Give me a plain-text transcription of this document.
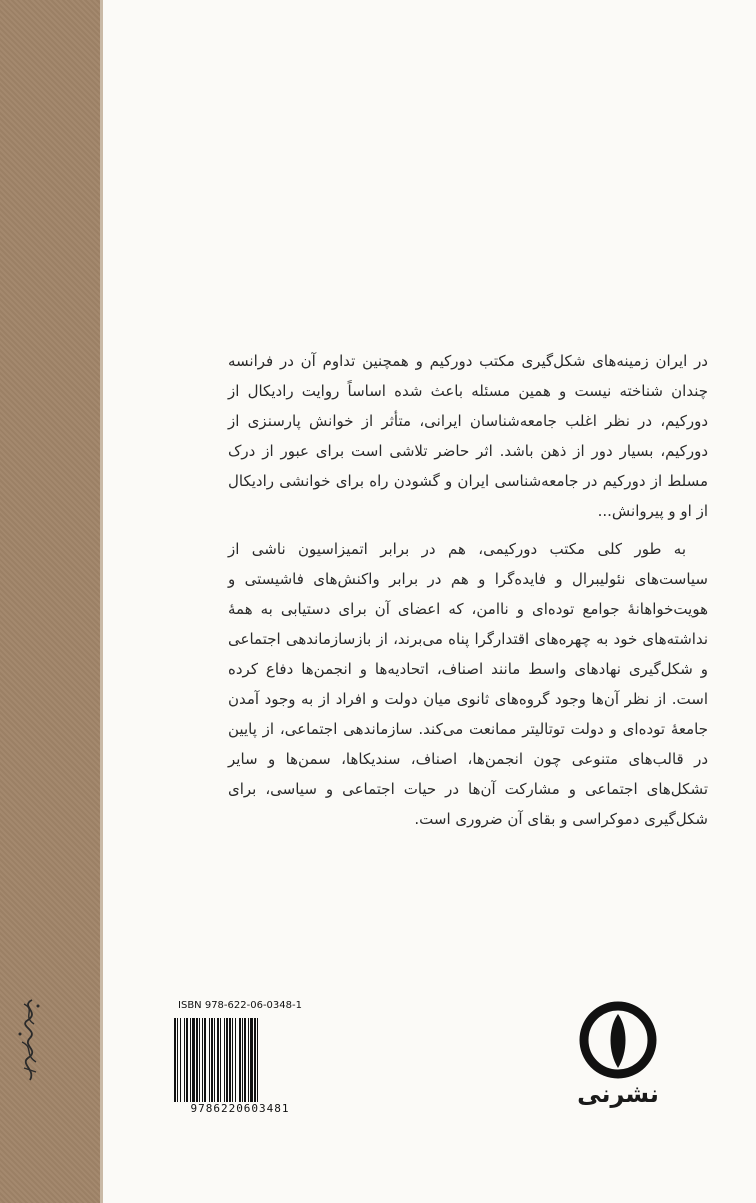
در ایران زمینه‌های شکل‌گیری مکتب دورکیم و همچنین تداوم آن در فرانسه چندان شناخته نیست و همین مسئله باعث شده اساساً روایت رادیکال از دورکیم، در نظر اغلب جامعه‌شناسان ایرانی، متأثر از خوانش پارسنزی از دورکیم، بسیار دور از ذهن باشد. اثر حاضر تلاشی است برای عبور از درک مسلط از دورکیم در جامعه‌شناسی ایران و گشودن راه برای خوانشی رادیکال از او و پیروانش...

به طور کلی مکتب دورکیمی، هم در برابر اتمیزاسیون ناشی از سیاست‌های نئولیبرال و فایده‌گرا و هم در برابر واکنش‌های فاشیستی و هویت‌خواهانهٔ جوامع توده‌ای و ناامن، که اعضای آن برای دستیابی به همهٔ نداشته‌های خود به چهره‌های اقتدارگرا پناه می‌برند، از بازسازماندهی اجتماعی و شکل‌گیری نهادهای واسط مانند اصناف، اتحادیه‌ها و انجمن‌ها دفاع کرده است. از نظر آن‌ها وجود گروه‌های ثانوی میان دولت و افراد از به وجود آمدن جامعهٔ توده‌ای و دولت توتالیتر ممانعت می‌کند. سازماندهی اجتماعی، از پایین در قالب‌های متنوعی چون انجمن‌ها، اصناف، سندیکاها، سمن‌ها و سایر تشکل‌های اجتماعی و مشارکت آن‌ها در حیات اجتماعی و سیاسی، برای شکل‌گیری دموکراسی و بقای آن ضروری است.

ISBN 978-622-06-0348-1
9786220603481
نشرنی
